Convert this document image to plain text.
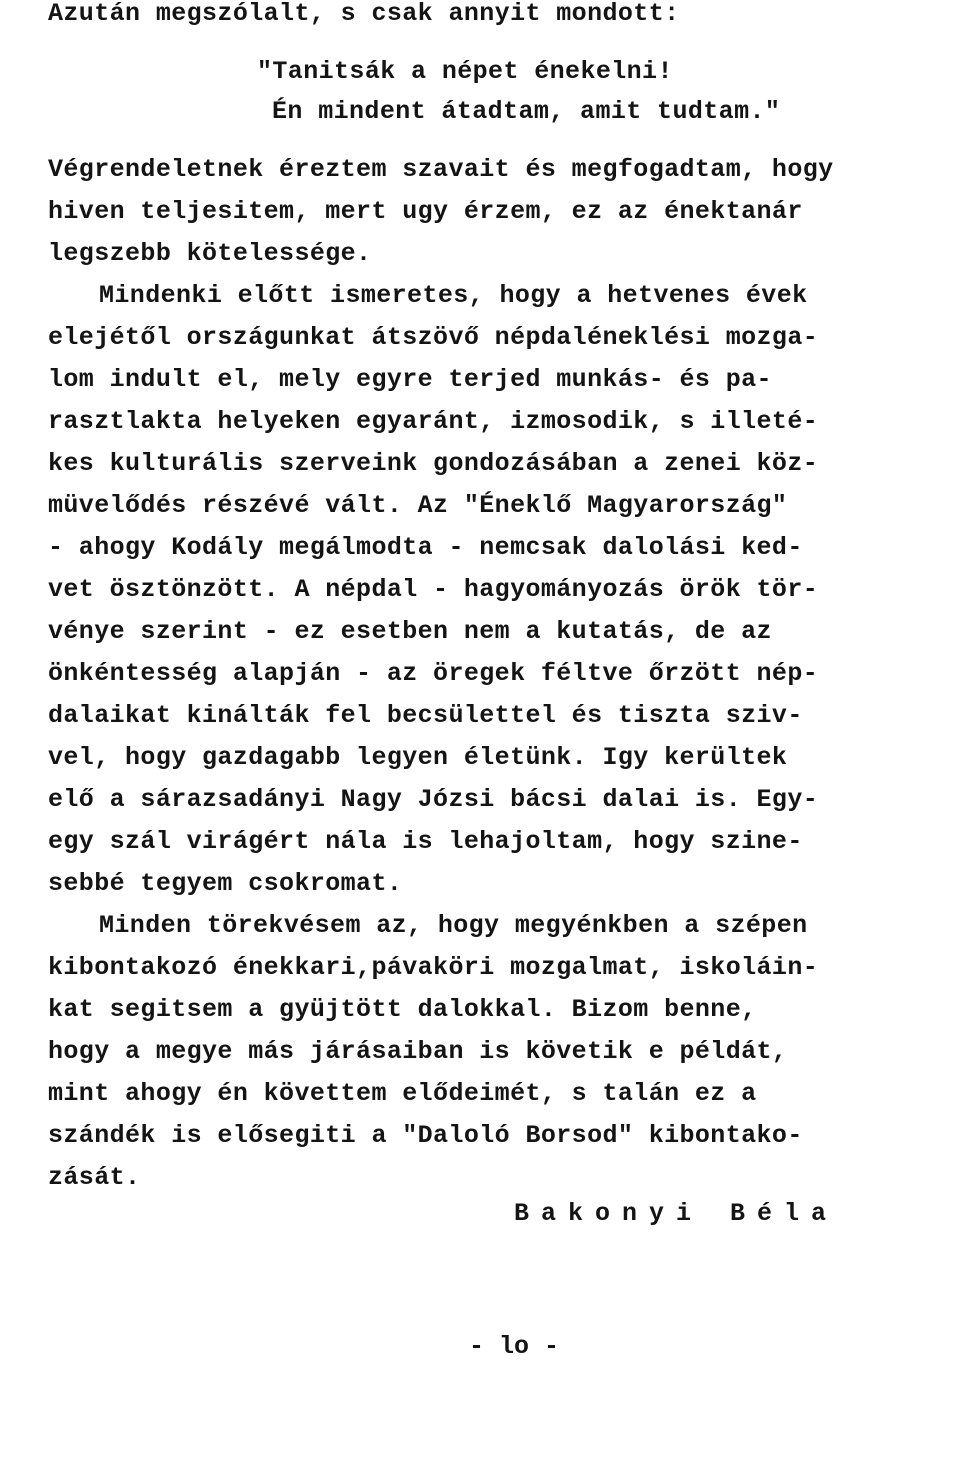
Azután megszólalt, s csak annyit mondott:
"Tanitsák a népet énekelni!
Én mindent átadtam, amit tudtam."
Végrendeletnek éreztem szavait és megfogadtam, hogy
hiven teljesitem, mert ugy érzem, ez az énektanár
legszebb kötelessége.
Mindenki előtt ismeretes, hogy a hetvenes évek
elejétől országunkat átszövő népdaléneklési mozga-
lom indult el, mely egyre terjed munkás- és pa-
rasztlakta helyeken egyaránt, izmosodik, s illeté-
kes kulturális szerveink gondozásában a zenei köz-
müvelődés részévé vált. Az "Éneklő Magyarország"
- ahogy Kodály megálmodta - nemcsak dalolási ked-
vet ösztönzött. A népdal - hagyományozás örök tör-
vénye szerint - ez esetben nem a kutatás, de az
önkéntesség alapján - az öregek féltve őrzött nép-
dalaikat kinálták fel becsülettel és tiszta sziv-
vel, hogy gazdagabb legyen életünk. Igy kerültek
elő a sárazsadányi Nagy Józsi bácsi dalai is. Egy-
egy szál virágért nála is lehajoltam, hogy szine-
sebbé tegyem csokromat.
Minden törekvésem az, hogy megyénkben a szépen
kibontakozó énekkari,pávaköri mozgalmat, iskoláin-
kat segitsem a gyüjtött dalokkal. Bizom benne,
hogy a megye más járásaiban is követik e példát,
mint ahogy én követtem elődeimét, s talán ez a
szándék is elősegiti a "Daloló Borsod" kibontako-
zását.
Bakonyi Béla
- lo -
